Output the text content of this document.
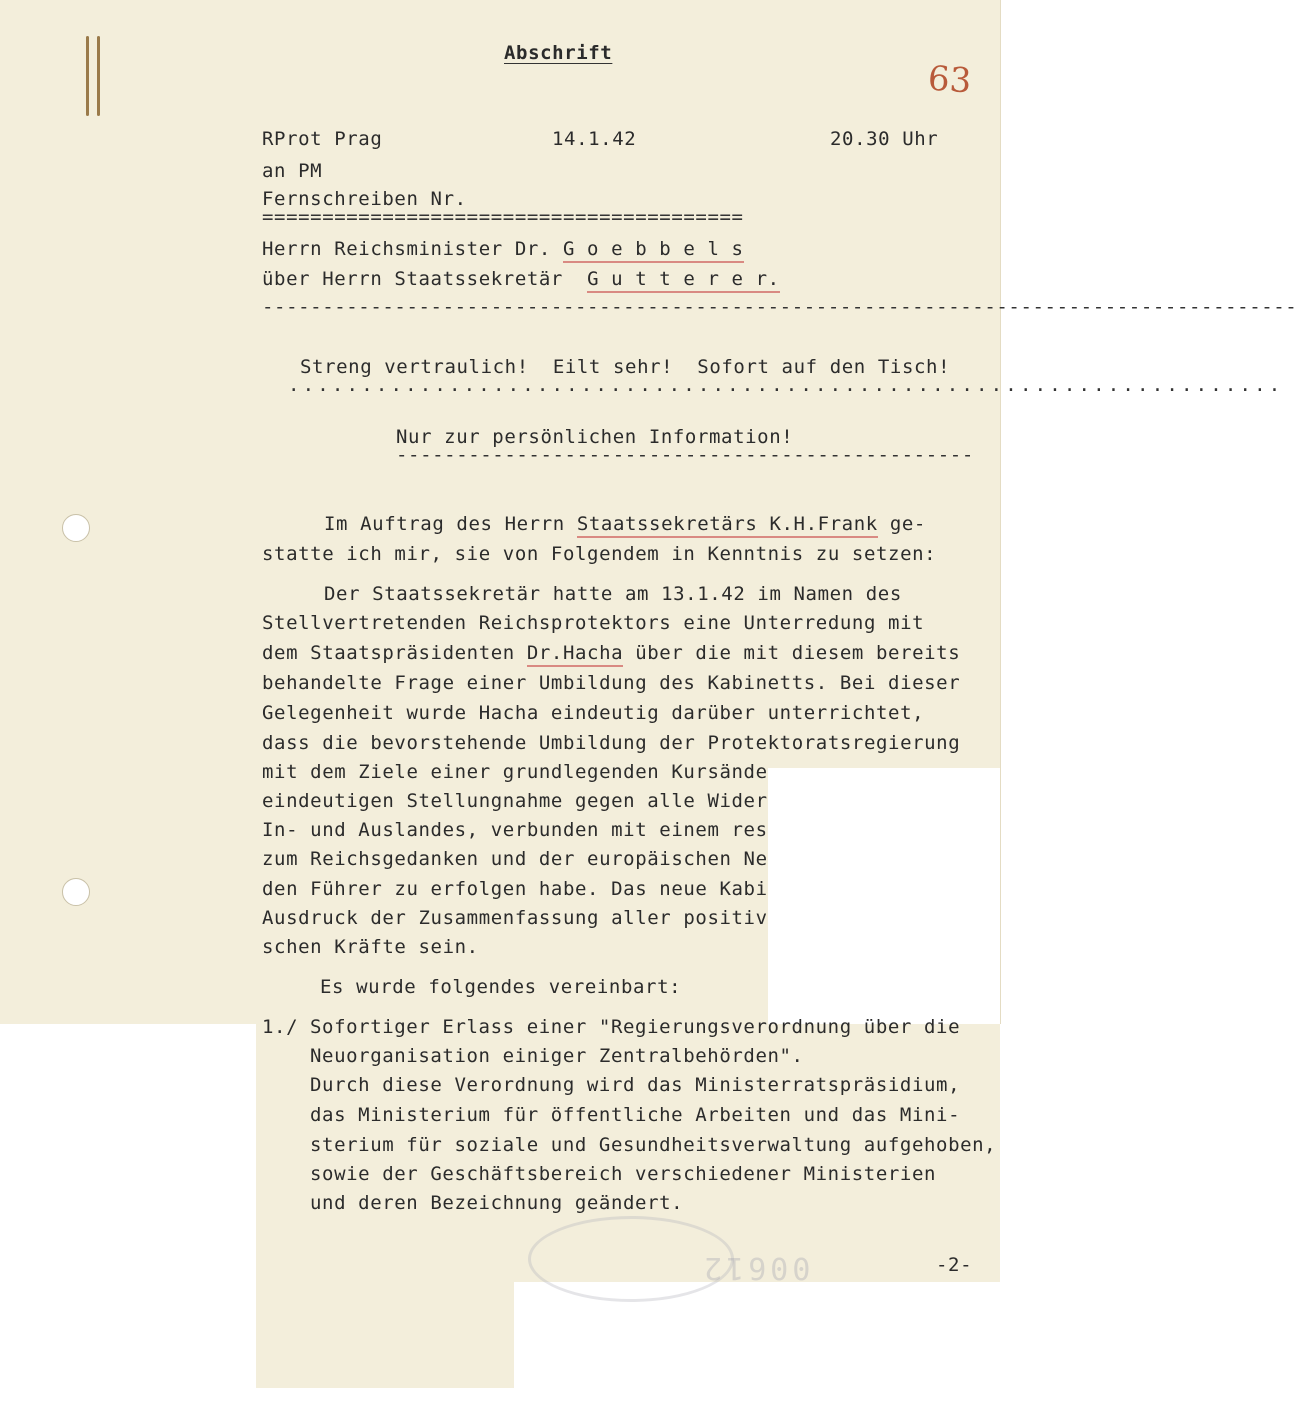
Abschrift
63
RProt Prag	14.1.42	20.30 Uhr
an PM
Fernschreiben Nr.
========================================
Herrn Reichsminister Dr. G o e b b e l s
über Herrn Staatssekretär G u t t e r e r.
--------------------------------------------------------------------------------------
Streng vertraulich!  Eilt sehr!  Sofort auf den Tisch!
....................................................................
Nur zur persönlichen Information!
------------------------------------------------
Im Auftrag des Herrn Staatssekretärs K.H.Frank ge-
statte ich mir, sie von Folgendem in Kenntnis zu setzen:
Der Staatssekretär hatte am 13.1.42 im Namen des
Stellvertretenden Reichsprotektors eine Unterredung mit
dem Staatspräsidenten Dr.Hacha über die mit diesem bereits
behandelte Frage einer Umbildung des Kabinetts. Bei dieser
Gelegenheit wurde Hacha eindeutig darüber unterrichtet,
dass die bevorstehende Umbildung der Protektoratsregierung
mit dem Ziele einer grundlegenden Kursände
eindeutigen Stellungnahme gegen alle Wider
In- und Auslandes, verbunden mit einem res
zum Reichsgedanken und der europäischen Ne
den Führer zu erfolgen habe. Das neue Kabi
Ausdruck der Zusammenfassung aller positiv
schen Kräfte sein.
Es wurde folgendes vereinbart:
1./ Sofortiger Erlass einer "Regierungsverordnung über die
Neuorganisation einiger Zentralbehörden".
Durch diese Verordnung wird das Ministerratspräsidium,
das Ministerium für öffentliche Arbeiten und das Mini-
sterium für soziale und Gesundheitsverwaltung aufgehoben,
sowie der Geschäftsbereich verschiedener Ministerien
und deren Bezeichnung geändert.
00612	-2-
